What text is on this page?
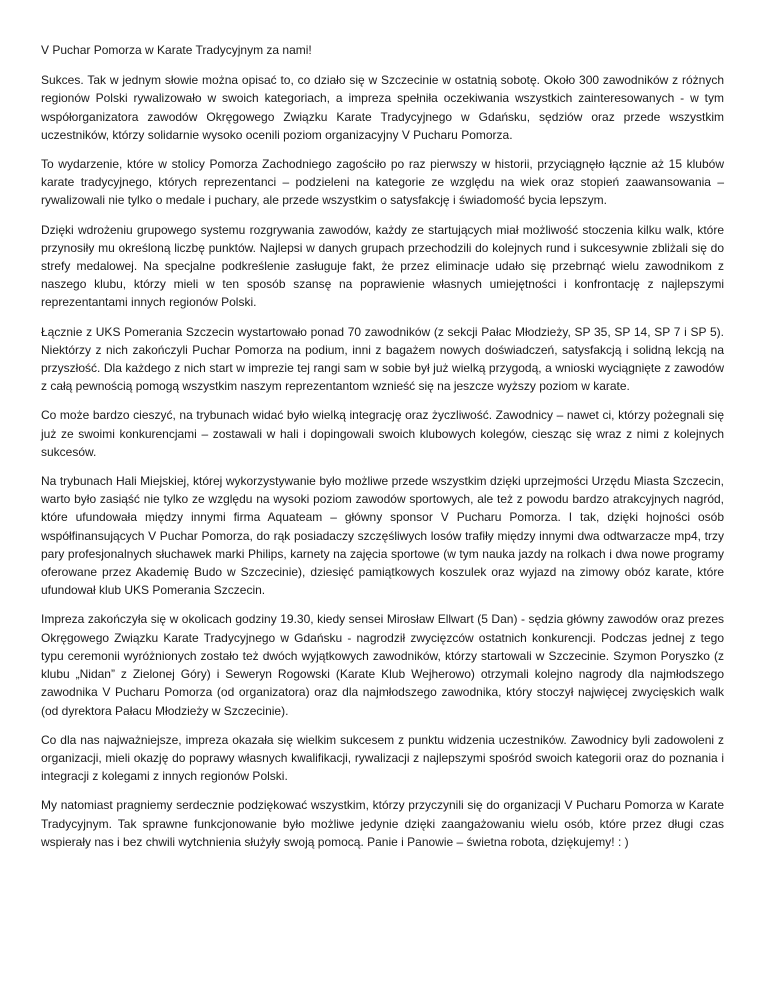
V Puchar Pomorza w Karate Tradycyjnym za nami!

Sukces. Tak w jednym słowie można opisać to, co działo się w Szczecinie w ostatnią sobotę. Około 300 zawodników z różnych regionów Polski rywalizowało w swoich kategoriach, a impreza spełniła oczekiwania wszystkich zainteresowanych - w tym współorganizatora zawodów Okręgowego Związku Karate Tradycyjnego w Gdańsku, sędziów oraz przede wszystkim uczestników, którzy solidarnie wysoko ocenili poziom organizacyjny V Pucharu Pomorza.

To wydarzenie, które w stolicy Pomorza Zachodniego zagościło po raz pierwszy w historii, przyciągnęło łącznie aż 15 klubów karate tradycyjnego, których reprezentanci – podzieleni na kategorie ze względu na wiek oraz stopień zaawansowania – rywalizowali nie tylko o medale i puchary, ale przede wszystkim o satysfakcję i świadomość bycia lepszym.

Dzięki wdrożeniu grupowego systemu rozgrywania zawodów, każdy ze startujących miał możliwość stoczenia kilku walk, które przynosiły mu określoną liczbę punktów. Najlepsi w danych grupach przechodzili do kolejnych rund i sukcesywnie zbliżali się do strefy medalowej. Na specjalne podkreślenie zasługuje fakt, że przez eliminacje udało się przebrnąć wielu zawodnikom z naszego klubu, którzy mieli w ten sposób szansę na poprawienie własnych umiejętności i konfrontację z najlepszymi reprezentantami innych regionów Polski.

Łącznie z UKS Pomerania Szczecin wystartowało ponad 70 zawodników (z sekcji Pałac Młodzieży, SP 35, SP 14, SP 7 i SP 5). Niektórzy z nich zakończyli Puchar Pomorza na podium, inni z bagażem nowych doświadczeń, satysfakcją i solidną lekcją na przyszłość. Dla każdego z nich start w imprezie tej rangi sam w sobie był już wielką przygodą, a wnioski wyciągnięte z zawodów z całą pewnością pomogą wszystkim naszym reprezentantom wznieść się na jeszcze wyższy poziom w karate.

Co może bardzo cieszyć, na trybunach widać było wielką integrację oraz życzliwość. Zawodnicy – nawet ci, którzy pożegnali się już ze swoimi konkurencjami – zostawali w hali i dopingowali swoich klubowych kolegów, ciesząc się wraz z nimi z kolejnych sukcesów.

Na trybunach Hali Miejskiej, której wykorzystywanie było możliwe przede wszystkim dzięki uprzejmości Urzędu Miasta Szczecin, warto było zasiąść nie tylko ze względu na wysoki poziom zawodów sportowych, ale też z powodu bardzo atrakcyjnych nagród, które ufundowała między innymi firma Aquateam – główny sponsor V Pucharu Pomorza. I tak, dzięki hojności osób współfinansujących V Puchar Pomorza, do rąk posiadaczy szczęśliwych losów trafiły między innymi dwa odtwarzacze mp4, trzy pary profesjonalnych słuchawek marki Philips, karnety na zajęcia sportowe (w tym nauka jazdy na rolkach i dwa nowe programy oferowane przez Akademię Budo w Szczecinie), dziesięć pamiątkowych koszulek oraz wyjazd na zimowy obóz karate, które ufundował klub UKS Pomerania Szczecin.

Impreza zakończyła się w okolicach godziny 19.30, kiedy sensei Mirosław Ellwart (5 Dan) - sędzia główny zawodów oraz prezes Okręgowego Związku Karate Tradycyjnego w Gdańsku - nagrodził zwycięzców ostatnich konkurencji. Podczas jednej z tego typu ceremonii wyróżnionych zostało też dwóch wyjątkowych zawodników, którzy startowali w Szczecinie. Szymon Poryszko (z klubu „Nidan” z Zielonej Góry) i Seweryn Rogowski (Karate Klub Wejherowo) otrzymali kolejno nagrody dla najmłodszego zawodnika V Pucharu Pomorza (od organizatora) oraz dla najmłodszego zawodnika, który stoczył najwięcej zwycięskich walk (od dyrektora Pałacu Młodzieży w Szczecinie).

Co dla nas najważniejsze, impreza okazała się wielkim sukcesem z punktu widzenia uczestników. Zawodnicy byli zadowoleni z organizacji, mieli okazję do poprawy własnych kwalifikacji, rywalizacji z najlepszymi spośród swoich kategorii oraz do poznania i integracji z kolegami z innych regionów Polski.

My natomiast pragniemy serdecznie podziękować wszystkim, którzy przyczynili się do organizacji V Pucharu Pomorza w Karate Tradycyjnym. Tak sprawne funkcjonowanie było możliwe jedynie dzięki zaangażowaniu wielu osób, które przez długi czas wspierały nas i bez chwili wytchnienia służyły swoją pomocą. Panie i Panowie – świetna robota, dziękujemy! : )
